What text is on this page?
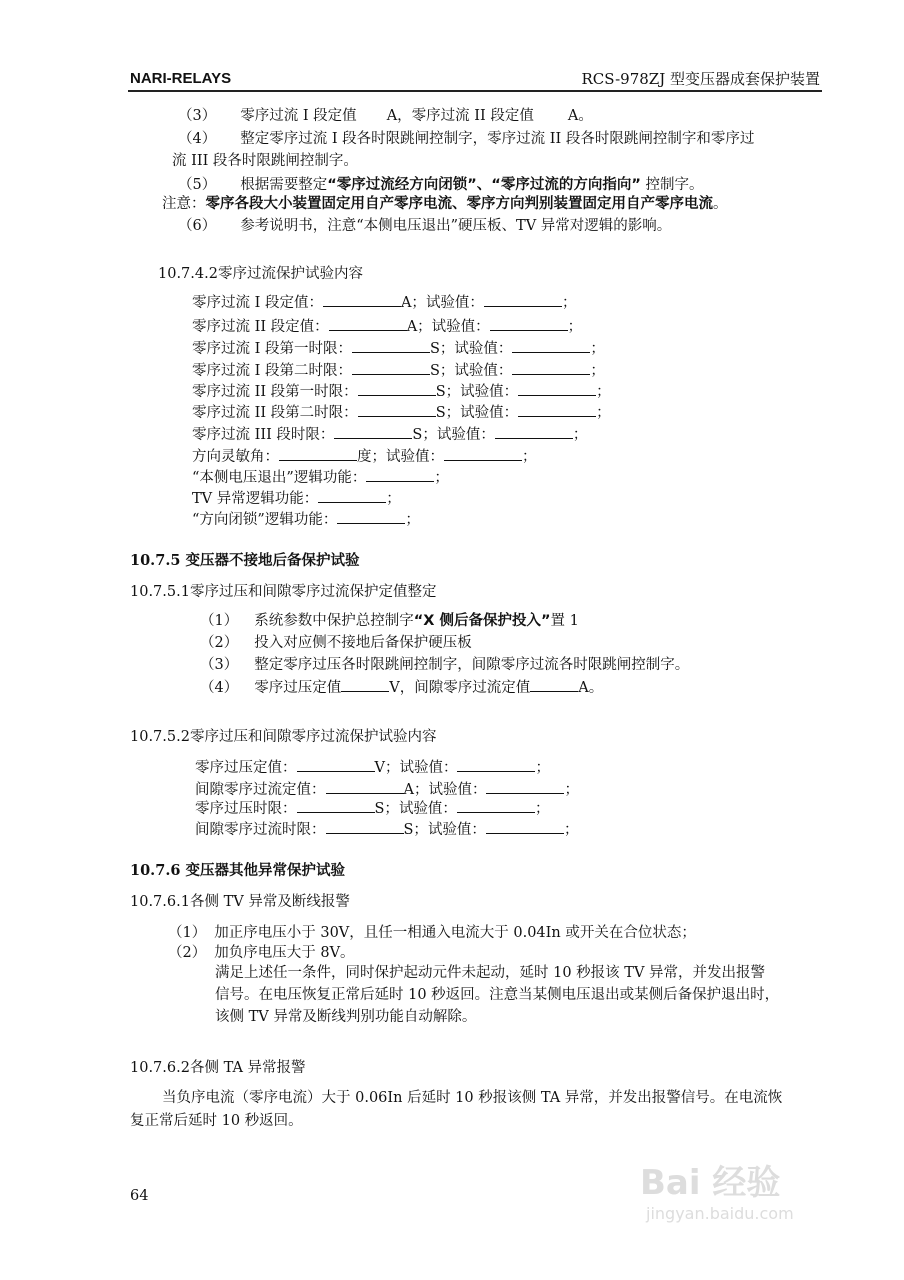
NARI-RELAYS	RCS-978ZJ 型变压器成套保护装置
（3） 零序过流 I 段定值 A，零序过流 II 段定值 A。
（4） 整定零序过流 I 段各时限跳闸控制字，零序过流 II 段各时限跳闸控制字和零序过
流 III 段各时限跳闸控制字。
（5） 根据需要整定“零序过流经方向闭锁”、“零序过流的方向指向” 控制字。
注意：零序各段大小装置固定用自产零序电流、零序方向判别装置固定用自产零序电流。
（6） 参考说明书，注意“本侧电压退出”硬压板、TV 异常对逻辑的影响。
10.7.4.2零序过流保护试验内容
零序过流 I 段定值：	A；试验值：	；
零序过流 II 段定值：	A；试验值：	；
零序过流 I 段第一时限：	S；试验值：	；
零序过流 I 段第二时限：	S；试验值：	；
零序过流 II 段第一时限：	S；试验值：	；
零序过流 II 段第二时限：	S；试验值：	；
零序过流 III 段时限：	S；试验值：	；
方向灵敏角：	度；试验值：	；
“本侧电压退出”逻辑功能：	；
TV 异常逻辑功能：	；
“方向闭锁”逻辑功能：	；
10.7.5 变压器不接地后备保护试验
10.7.5.1零序过压和间隙零序过流保护定值整定
（1） 系统参数中保护总控制字“X 侧后备保护投入”置 1
（2） 投入对应侧不接地后备保护硬压板
（3） 整定零序过压各时限跳闸控制字，间隙零序过流各时限跳闸控制字。
（4） 零序过压定值	V，间隙零序过流定值	A。
10.7.5.2零序过压和间隙零序过流保护试验内容
零序过压定值：	V；试验值：	；
间隙零序过流定值：	A；试验值：	；
零序过压时限：	S；试验值：	；
间隙零序过流时限：	S；试验值：	；
10.7.6 变压器其他异常保护试验
10.7.6.1各侧 TV 异常及断线报警
（1） 加正序电压小于 30V，且任一相通入电流大于 0.04In 或开关在合位状态；
（2） 加负序电压大于 8V。
满足上述任一条件，同时保护起动元件未起动，延时 10 秒报该 TV 异常，并发出报警
信号。在电压恢复正常后延时 10 秒返回。注意当某侧电压退出或某侧后备保护退出时，
该侧 TV 异常及断线判别功能自动解除。
10.7.6.2各侧 TA 异常报警
当负序电流（零序电流）大于 0.06In 后延时 10 秒报该侧 TA 异常，并发出报警信号。在电流恢
复正常后延时 10 秒返回。
64	Bai 经验
jingyan.baidu.com
